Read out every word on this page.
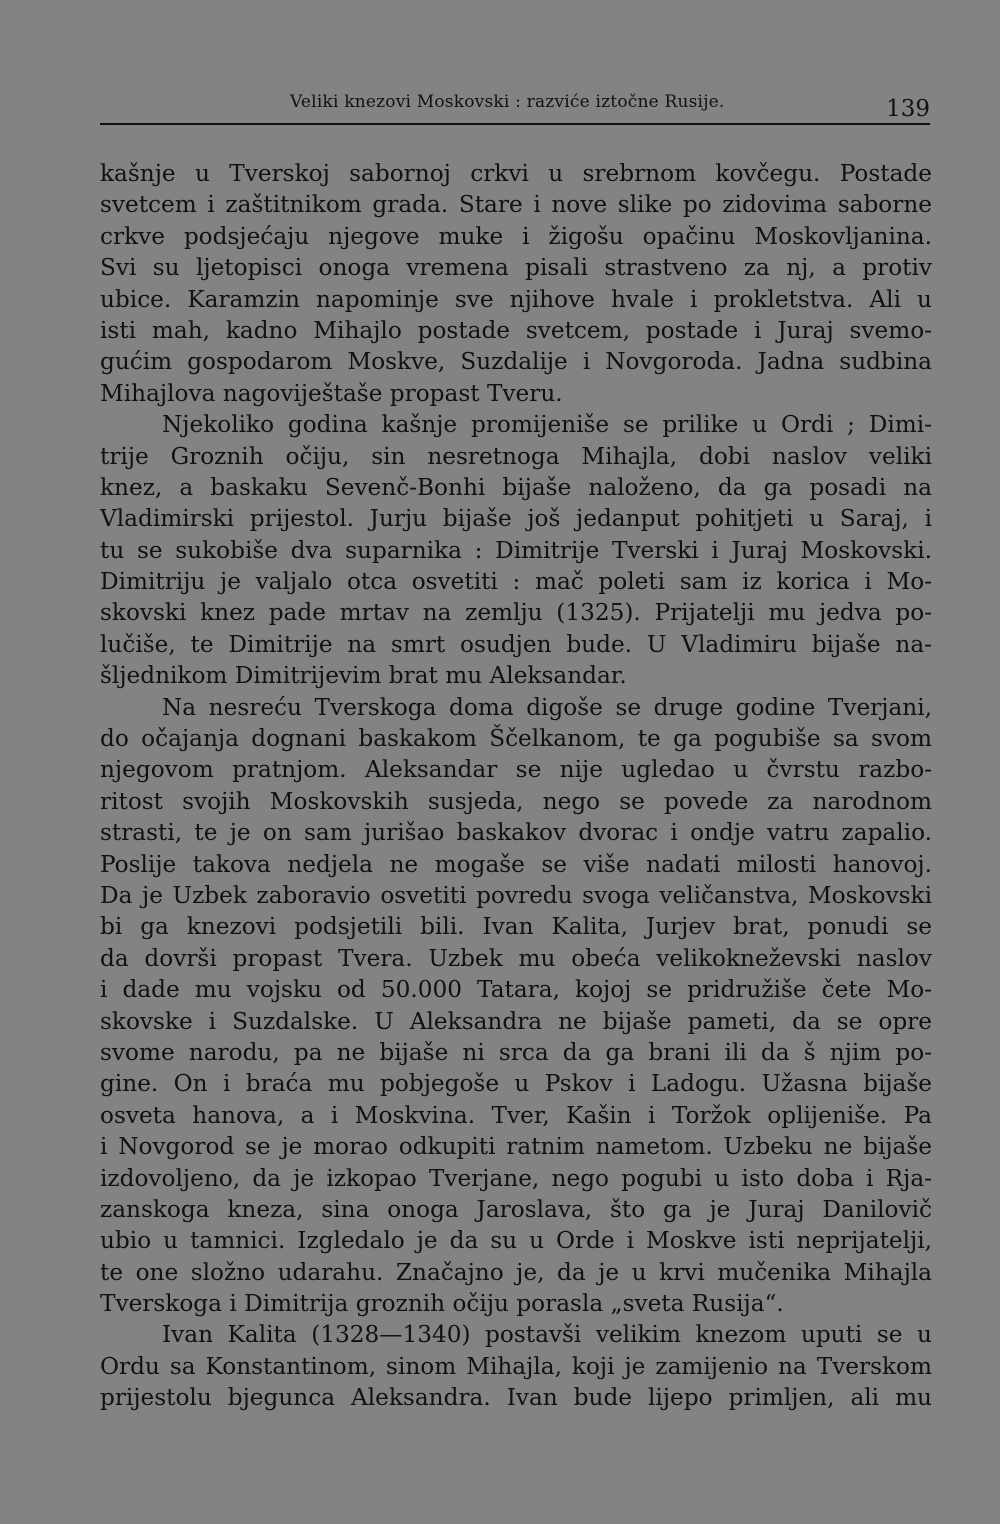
Veliki knezovi Moskovski : razviće iztočne Rusije.	139
kašnje u Tverskoj sabornoj crkvi u srebrnom kovčegu. Postade
svetcem i zaštitnikom grada. Stare i nove slike po zidovima saborne
crkve podsjećaju njegove muke i žigošu opačinu Moskovljanina.
Svi su ljetopisci onoga vremena pisali strastveno za nj, a protiv
ubice. Karamzin napominje sve njihove hvale i prokletstva. Ali u
isti mah, kadno Mihajlo postade svetcem, postade i Juraj svemo-
gućim gospodarom Moskve, Suzdalije i Novgoroda. Jadna sudbina
Mihajlova nagoviještaše propast Tveru.
Njekoliko godina kašnje promijeniše se prilike u Ordi ; Dimi-
trije Groznih očiju, sin nesretnoga Mihajla, dobi naslov veliki
knez, a baskaku Sevenč-Bonhi bijaše naloženo, da ga posadi na
Vladimirski prijestol. Jurju bijaše još jedanput pohitjeti u Saraj, i
tu se sukobiše dva suparnika : Dimitrije Tverski i Juraj Moskovski.
Dimitriju je valjalo otca osvetiti : mač poleti sam iz korica i Mo-
skovski knez pade mrtav na zemlju (1325). Prijatelji mu jedva po-
lučiše, te Dimitrije na smrt osudjen bude. U Vladimiru bijaše na-
šljednikom Dimitrijevim brat mu Aleksandar.
Na nesreću Tverskoga doma digoše se druge godine Tverjani,
do očajanja dognani baskakom Ščelkanom, te ga pogubiše sa svom
njegovom pratnjom. Aleksandar se nije ugledao u čvrstu razbo-
ritost svojih Moskovskih susjeda, nego se povede za narodnom
strasti, te je on sam jurišao baskakov dvorac i ondje vatru zapalio.
Poslije takova nedjela ne mogaše se više nadati milosti hanovoj.
Da je Uzbek zaboravio osvetiti povredu svoga veličanstva, Moskovski
bi ga knezovi podsjetili bili. Ivan Kalita, Jurjev brat, ponudi se
da dovrši propast Tvera. Uzbek mu obeća velikokneževski naslov
i dade mu vojsku od 50.000 Tatara, kojoj se pridružiše čete Mo-
skovske i Suzdalske. U Aleksandra ne bijaše pameti, da se opre
svome narodu, pa ne bijaše ni srca da ga brani ili da š njim po-
gine. On i braća mu pobjegoše u Pskov i Ladogu. Užasna bijaše
osveta hanova, a i Moskvina. Tver, Kašin i Toržok oplijeniše. Pa
i Novgorod se je morao odkupiti ratnim nametom. Uzbeku ne bijaše
izdovoljeno, da je izkopao Tverjane, nego pogubi u isto doba i Rja-
zanskoga kneza, sina onoga Jaroslava, što ga je Juraj Danilovič
ubio u tamnici. Izgledalo je da su u Orde i Moskve isti neprijatelji,
te one složno udarahu. Značajno je, da je u krvi mučenika Mihajla
Tverskoga i Dimitrija groznih očiju porasla „sveta Rusija“.
Ivan Kalita (1328—1340) postavši velikim knezom uputi se u
Ordu sa Konstantinom, sinom Mihajla, koji je zamijenio na Tverskom
prijestolu bjegunca Aleksandra. Ivan bude lijepo primljen, ali mu
